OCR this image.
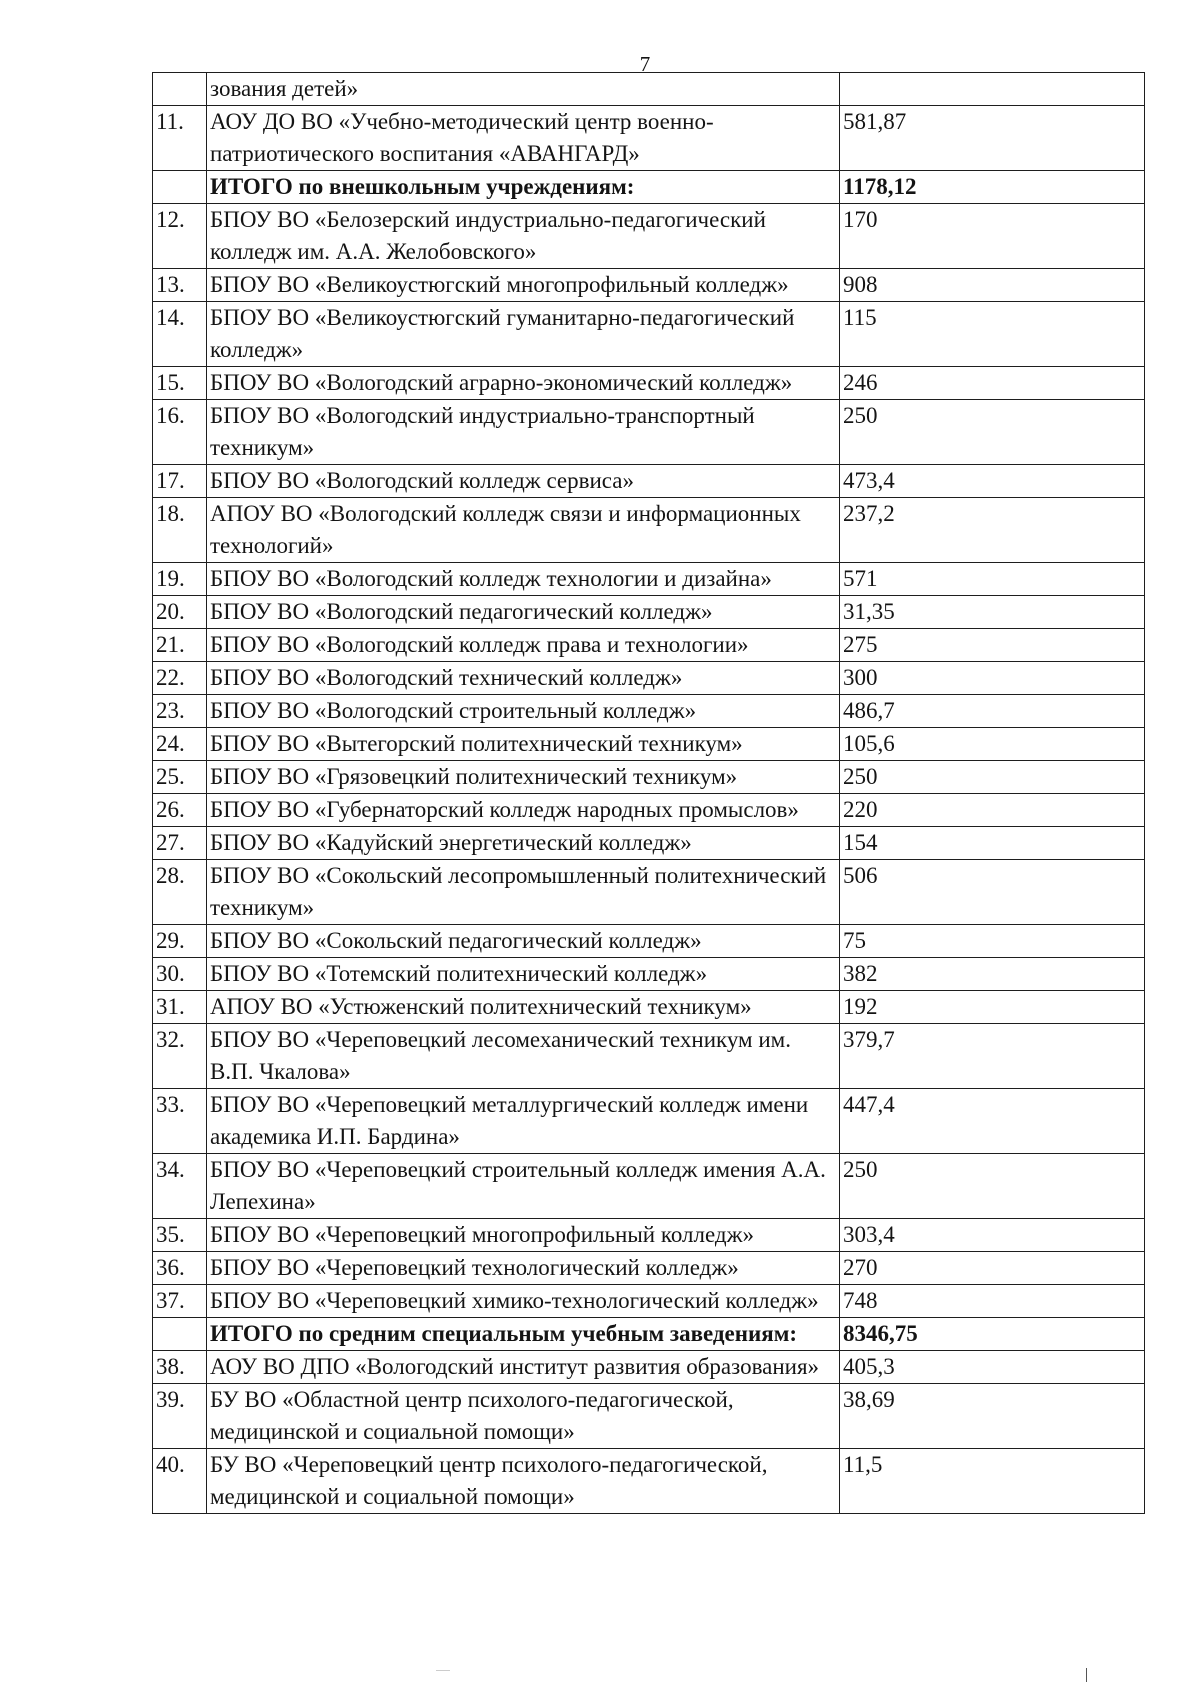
7
	зования детей»	
11.	АОУ ДО ВО «Учебно-методический центр военно-патриотического воспитания «АВАНГАРД»	581,87
	ИТОГО по внешкольным учреждениям:	1178,12
12.	БПОУ ВО «Белозерский индустриально-педагогический колледж им. А.А. Желобовского»	170
13.	БПОУ ВО «Великоустюгский многопрофильный колледж»	908
14.	БПОУ ВО «Великоустюгский гуманитарно-педагогический колледж»	115
15.	БПОУ ВО «Вологодский аграрно-экономический колледж»	246
16.	БПОУ ВО «Вологодский индустриально-транспортный техникум»	250
17.	БПОУ ВО «Вологодский колледж сервиса»	473,4
18.	АПОУ ВО «Вологодский колледж связи и информационных технологий»	237,2
19.	БПОУ ВО «Вологодский колледж технологии и дизайна»	571
20.	БПОУ ВО «Вологодский педагогический колледж»	31,35
21.	БПОУ ВО «Вологодский колледж права и технологии»	275
22.	БПОУ ВО «Вологодский технический колледж»	300
23.	БПОУ ВО «Вологодский строительный колледж»	486,7
24.	БПОУ ВО «Вытегорский политехнический техникум»	105,6
25.	БПОУ ВО «Грязовецкий политехнический техникум»	250
26.	БПОУ ВО «Губернаторский колледж народных промыслов»	220
27.	БПОУ ВО «Кадуйский энергетический колледж»	154
28.	БПОУ ВО «Сокольский лесопромышленный политехнический техникум»	506
29.	БПОУ ВО «Сокольский педагогический колледж»	75
30.	БПОУ ВО «Тотемский политехнический колледж»	382
31.	АПОУ ВО «Устюженский политехнический техникум»	192
32.	БПОУ ВО «Череповецкий лесомеханический техникум им. В.П. Чкалова»	379,7
33.	БПОУ ВО «Череповецкий металлургический колледж имени академика И.П. Бардина»	447,4
34.	БПОУ ВО «Череповецкий строительный колледж имения А.А. Лепехина»	250
35.	БПОУ ВО «Череповецкий многопрофильный колледж»	303,4
36.	БПОУ ВО «Череповецкий технологический колледж»	270
37.	БПОУ ВО «Череповецкий химико-технологический колледж»	748
	ИТОГО по средним специальным учебным заведениям:	8346,75
38.	АОУ ВО ДПО «Вологодский институт развития образования»	405,3
39.	БУ ВО «Областной центр психолого-педагогической, медицинской и социальной помощи»	38,69
40.	БУ ВО «Череповецкий центр психолого-педагогической, медицинской и социальной помощи»	11,5
